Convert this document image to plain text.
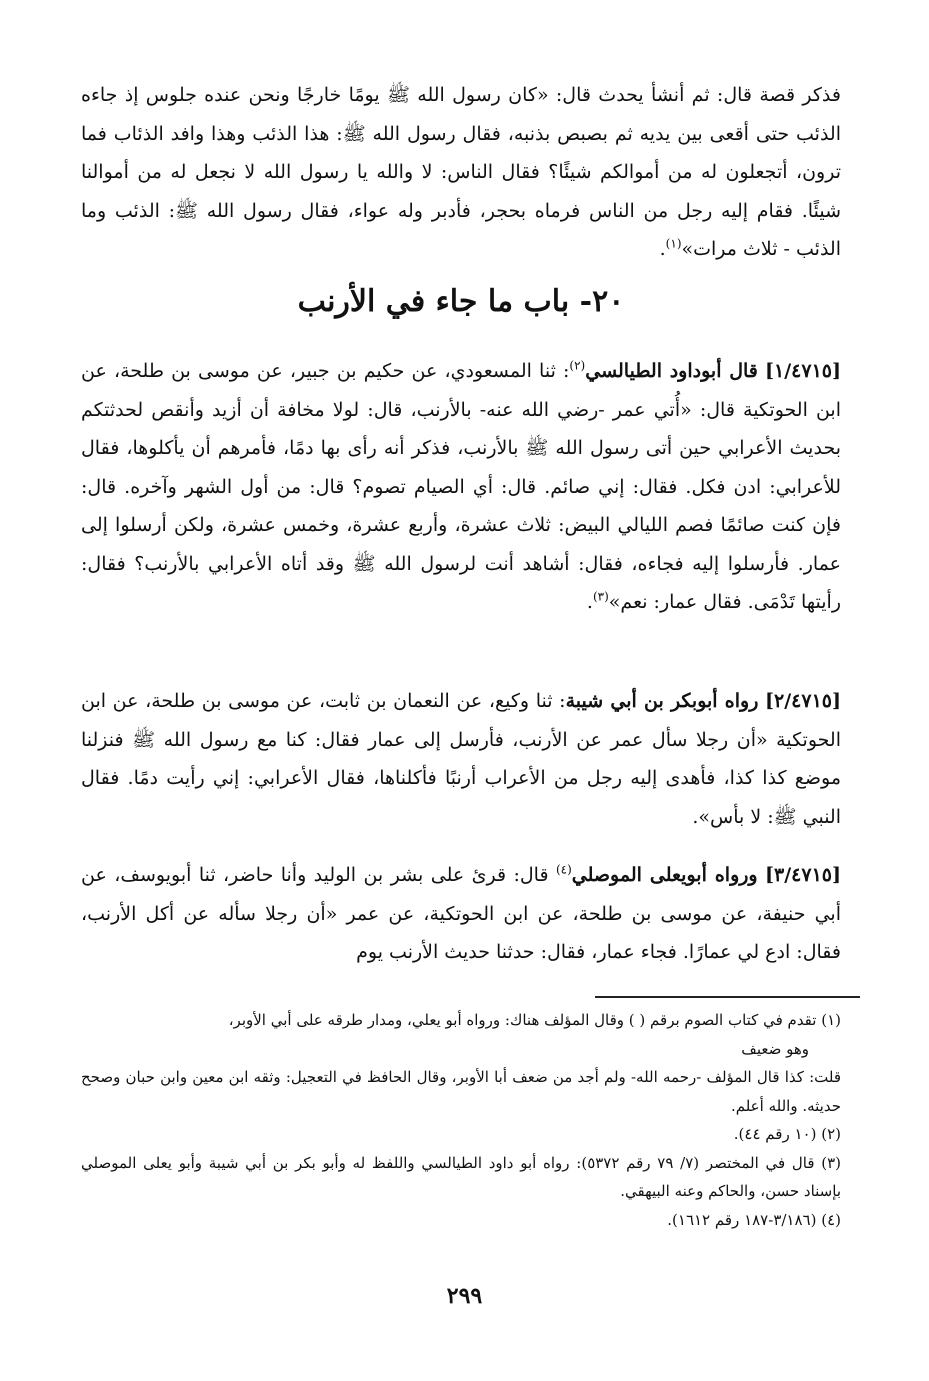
فذكر قصة قال: ثم أنشأ يحدث قال: «كان رسول الله ﷺ يومًا خارجًا ونحن عنده جلوس إذ جاءه الذئب حتى أقعى بين يديه ثم بصبص بذنبه، فقال رسول الله ﷺ: هذا الذئب وهذا وافد الذئاب فما ترون، أتجعلون له من أموالكم شيئًا؟ فقال الناس: لا والله يا رسول الله لا نجعل له من أموالنا شيئًا. فقام إليه رجل من الناس فرماه بحجر، فأدبر وله عواء، فقال رسول الله ﷺ: الذئب وما الذئب - ثلاث مرات»$^{(١)}$.
٢٠- باب ما جاء في الأرنب
[١/٤٧١٥] قال أبوداود الطيالسي$^{(٢)}$: ثنا المسعودي، عن حكيم بن جبير، عن موسى بن طلحة، عن ابن الحوتكية قال: «أُتي عمر -رضي الله عنه- بالأرنب، قال: لولا مخافة أن أزيد وأنقص لحدثتكم بحديث الأعرابي حين أتى رسول الله ﷺ بالأرنب، فذكر أنه رأى بها دمًا، فأمرهم أن يأكلوها، فقال للأعرابي: ادن فكل. فقال: إني صائم. قال: أي الصيام تصوم؟ قال: من أول الشهر وآخره. قال: فإن كنت صائمًا فصم الليالي البيض: ثلاث عشرة، وأربع عشرة، وخمس عشرة، ولكن أرسلوا إلى عمار. فأرسلوا إليه فجاءه، فقال: أشاهد أنت لرسول الله ﷺ وقد أتاه الأعرابي بالأرنب؟ فقال: رأيتها تَدْمَى. فقال عمار: نعم»$^{(٣)}$.
[٢/٤٧١٥] رواه أبوبكر بن أبي شيبة: ثنا وكيع، عن النعمان بن ثابت، عن موسى بن طلحة، عن ابن الحوتكية «أن رجلا سأل عمر عن الأرنب، فأرسل إلى عمار فقال: كنا مع رسول الله ﷺ فنزلنا موضع كذا كذا، فأهدى إليه رجل من الأعراب أرنبًا فأكلناها، فقال الأعرابي: إني رأيت دمًا. فقال النبي ﷺ: لا بأس».
[٣/٤٧١٥] ورواه أبويعلى الموصلي$^{(٤)}$ قال: قرئ على بشر بن الوليد وأنا حاضر، ثنا أبويوسف، عن أبي حنيفة، عن موسى بن طلحة، عن ابن الحوتكية، عن عمر «أن رجلا سأله عن أكل الأرنب، فقال: ادع لي عمارًا. فجاء عمار، فقال: حدثنا حديث الأرنب يوم

(١) تقدم في كتاب الصوم برقم ( ) وقال المؤلف هناك: ورواه أبو يعلي، ومدار طرقه على أبي الأوبر،

وهو ضعيف

قلت: كذا قال المؤلف -رحمه الله- ولم أجد من ضعف أبا الأوبر، وقال الحافظ في التعجيل: وثقه ابن معين وابن حبان وصحح حديثه. والله أعلم.

(٢) (١٠ رقم ٤٤).

(٣) قال في المختصر (٧/ ٧٩ رقم ٥٣٧٢): رواه أبو داود الطيالسي واللفظ له وأبو بكر بن أبي شيبة وأبو يعلى الموصلي بإسناد حسن، والحاكم وعنه البيهقي.

(٤) (٣/١٨٦-١٨٧ رقم ١٦١٢).

٢٩٩
